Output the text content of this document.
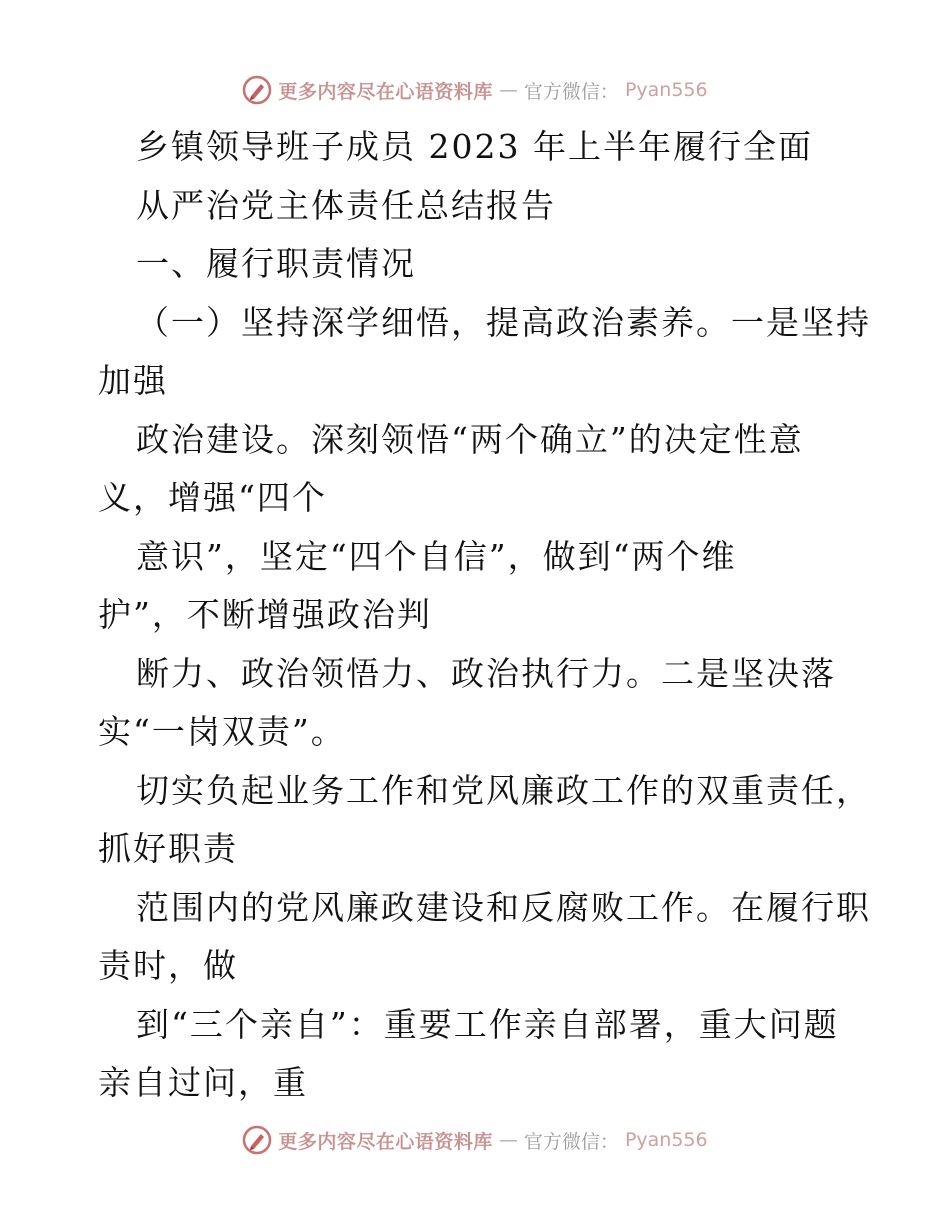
更多内容尽在心语资料库 — 官方微信： Pyan556
乡镇领导班子成员 2023 年上半年履行全面
从严治党主体责任总结报告
一、履行职责情况
（一）坚持深学细悟，提高政治素养。一是坚持
加强
政治建设。深刻领悟“两个确立”的决定性意
义，增强“四个
意识”，坚定“四个自信”，做到“两个维
护”，不断增强政治判
断力、政治领悟力、政治执行力。二是坚决落
实“一岗双责”。
切实负起业务工作和党风廉政工作的双重责任，
抓好职责
范围内的党风廉政建设和反腐败工作。在履行职
责时，做
到“三个亲自”：重要工作亲自部署，重大问题
亲自过问，重
更多内容尽在心语资料库 — 官方微信： Pyan556
